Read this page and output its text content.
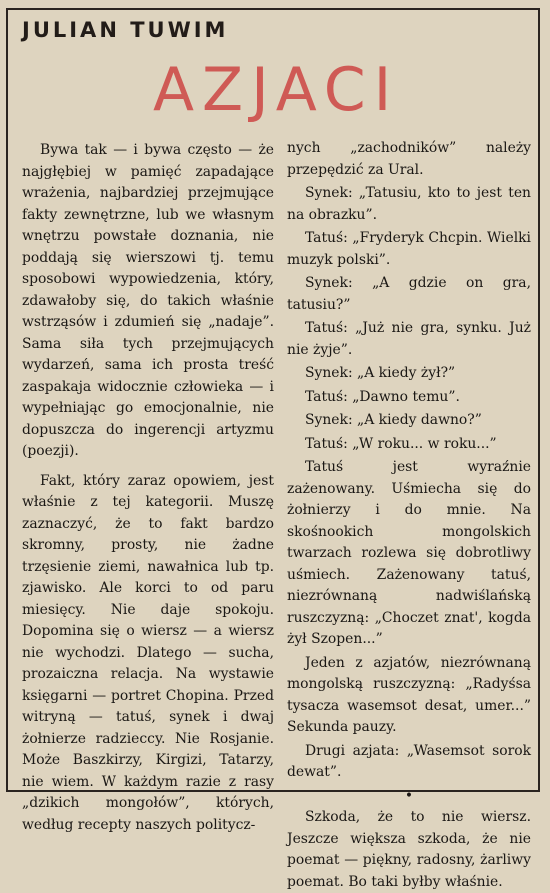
JULIAN TUWIM
AZJACI

Bywa tak — i bywa często — że najgłębiej w pamięć zapadające wrażenia, najbardziej przejmujące fakty zewnętrzne, lub we własnym wnętrzu powstałe doznania, nie poddają się wierszowi tj. temu sposobowi wypowiedzenia, który, zdawałoby się, do takich właśnie wstrząsów i zdumień się „nadaje”. Sama siła tych przejmujących wydarzeń, sama ich prosta treść zaspakaja widocznie człowieka — i wypełniając go emocjonalnie, nie dopuszcza do ingerencji artyzmu (poezji).

Fakt, który zaraz opowiem, jest właśnie z tej kategorii. Muszę zaznaczyć, że to fakt bardzo skromny, prosty, nie żadne trzęsienie ziemi, nawałnica lub tp. zjawisko. Ale korci to od paru miesięcy. Nie daje spokoju. Dopomina się o wiersz — a wiersz nie wychodzi. Dlatego — sucha, prozaiczna relacja. Na wystawie księgarni — portret Chopina. Przed witryną — tatuś, synek i dwaj żołnierze radzieccy. Nie Rosjanie. Może Baszkirzy, Kirgizi, Tatarzy, nie wiem. W każdym razie z rasy „dzikich mongołów”, których, według recepty naszych politycz-

nych „zachodników” należy przepędzić za Ural.

Synek: „Tatusiu, kto to jest ten na obrazku”.

Tatuś: „Fryderyk Chcpin. Wielki muzyk polski”.

Synek: „A gdzie on gra, tatusiu?”

Tatuś: „Już nie gra, synku. Już nie żyje”.

Synek: „A kiedy żył?”

Tatuś: „Dawno temu”.

Synek: „A kiedy dawno?”

Tatuś: „W roku... w roku...”

Tatuś jest wyraźnie zażenowany. Uśmiecha się do żołnierzy i do mnie. Na skośnookich mongolskich twarzach rozlewa się dobrotliwy uśmiech. Zażenowany tatuś, niezrównaną nadwiślańską ruszczyzną: „Choczet znat', kogda żył Szopen...”

Jeden z azjatów, niezrównaną mongolską ruszczyzną: „Radyśsa tysacza wasemsot desat, umer...” Sekunda pauzy.

Drugi azjata: „Wasemsot sorok dewat”.

•

Szkoda, że to nie wiersz. Jeszcze większa szkoda, że nie poemat — piękny, radosny, żarliwy poemat. Bo taki byłby właśnie.
